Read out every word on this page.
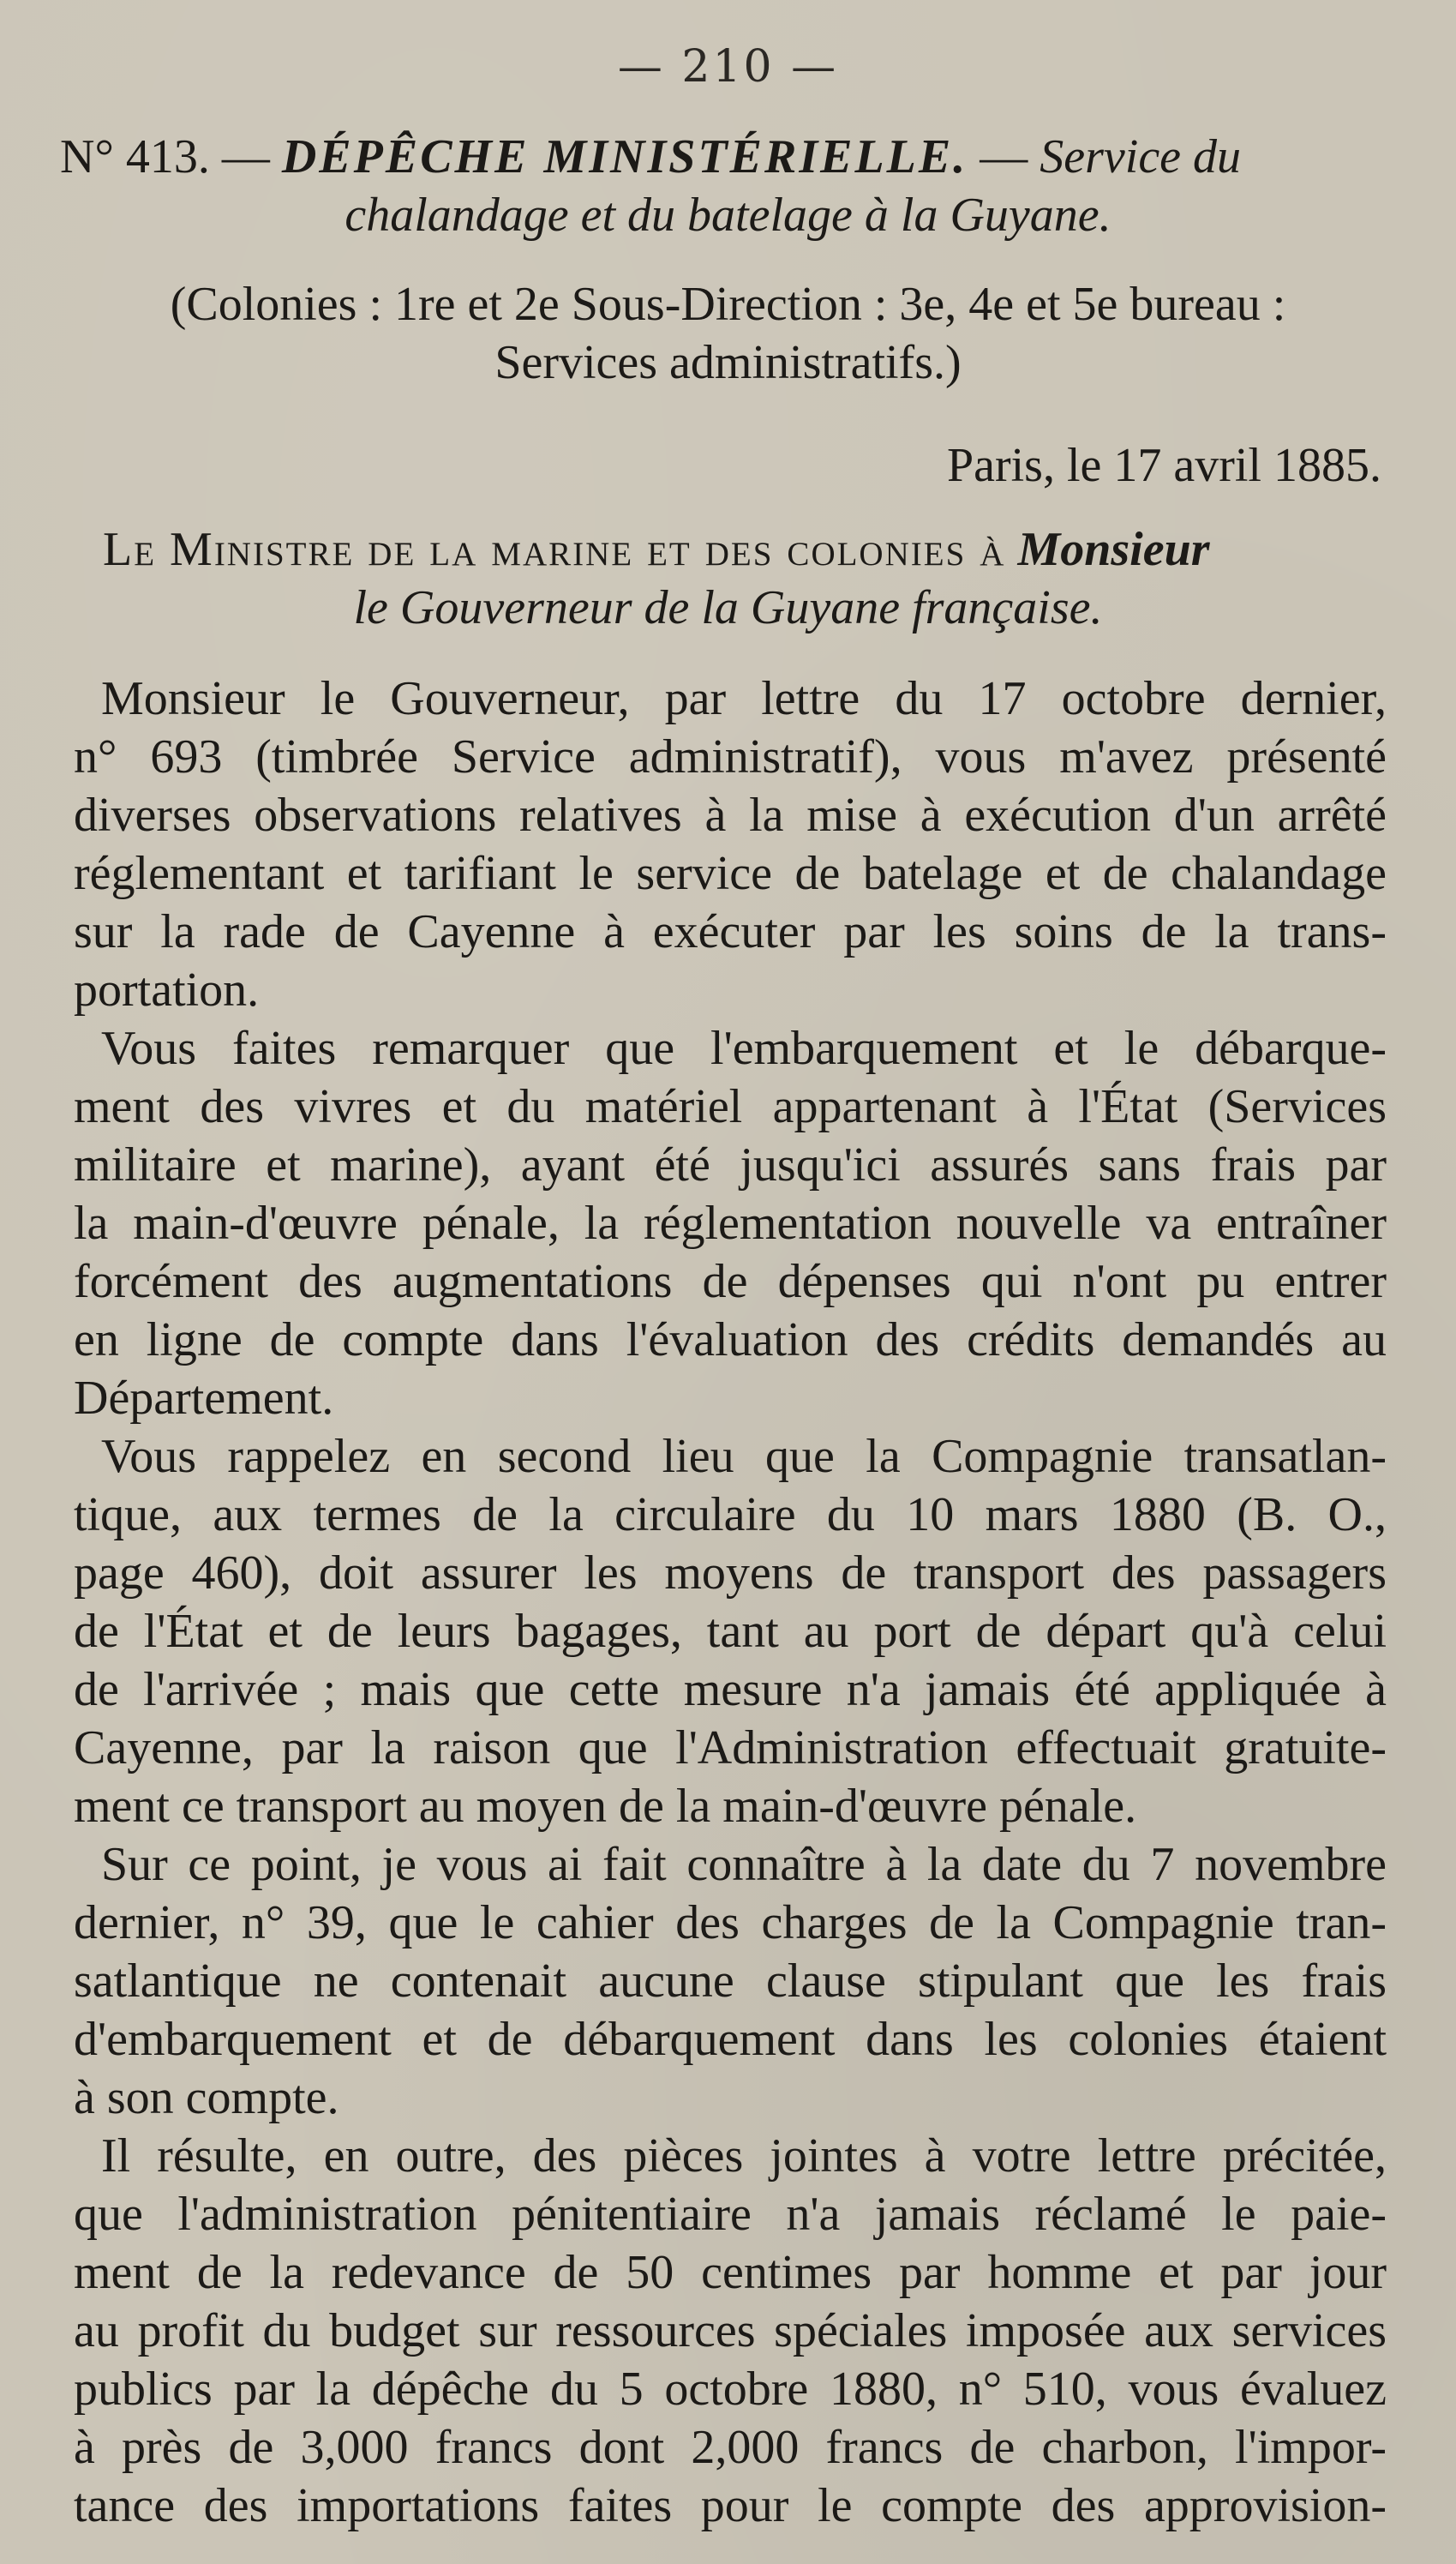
— 210 —
N° 413. — DÉPÊCHE MINISTÉRIELLE. — Service du
chalandage et du batelage à la Guyane.
(Colonies : 1re et 2e Sous-Direction : 3e, 4e et 5e bureau :
Services administratifs.)
Paris, le 17 avril 1885.
Le Ministre de la marine et des colonies à Monsieur
le Gouverneur de la Guyane française.
Monsieur le Gouverneur, par lettre du 17 octobre dernier,
n° 693 (timbrée Service administratif), vous m'avez présenté
diverses observations relatives à la mise à exécution d'un arrêté
réglementant et tarifiant le service de batelage et de chalandage
sur la rade de Cayenne à exécuter par les soins de la trans-
portation.
Vous faites remarquer que l'embarquement et le débarque-
ment des vivres et du matériel appartenant à l'État (Services
militaire et marine), ayant été jusqu'ici assurés sans frais par
la main-d'œuvre pénale, la réglementation nouvelle va entraîner
forcément des augmentations de dépenses qui n'ont pu entrer
en ligne de compte dans l'évaluation des crédits demandés au
Département.
Vous rappelez en second lieu que la Compagnie transatlan-
tique, aux termes de la circulaire du 10 mars 1880 (B. O.,
page 460), doit assurer les moyens de transport des passagers
de l'État et de leurs bagages, tant au port de départ qu'à celui
de l'arrivée ; mais que cette mesure n'a jamais été appliquée à
Cayenne, par la raison que l'Administration effectuait gratuite-
ment ce transport au moyen de la main-d'œuvre pénale.
Sur ce point, je vous ai fait connaître à la date du 7 novembre
dernier, n° 39, que le cahier des charges de la Compagnie tran-
satlantique ne contenait aucune clause stipulant que les frais
d'embarquement et de débarquement dans les colonies étaient
à son compte.
Il résulte, en outre, des pièces jointes à votre lettre précitée,
que l'administration pénitentiaire n'a jamais réclamé le paie-
ment de la redevance de 50 centimes par homme et par jour
au profit du budget sur ressources spéciales imposée aux services
publics par la dépêche du 5 octobre 1880, n° 510, vous évaluez
à près de 3,000 francs dont 2,000 francs de charbon, l'impor-
tance des importations faites pour le compte des approvision-
